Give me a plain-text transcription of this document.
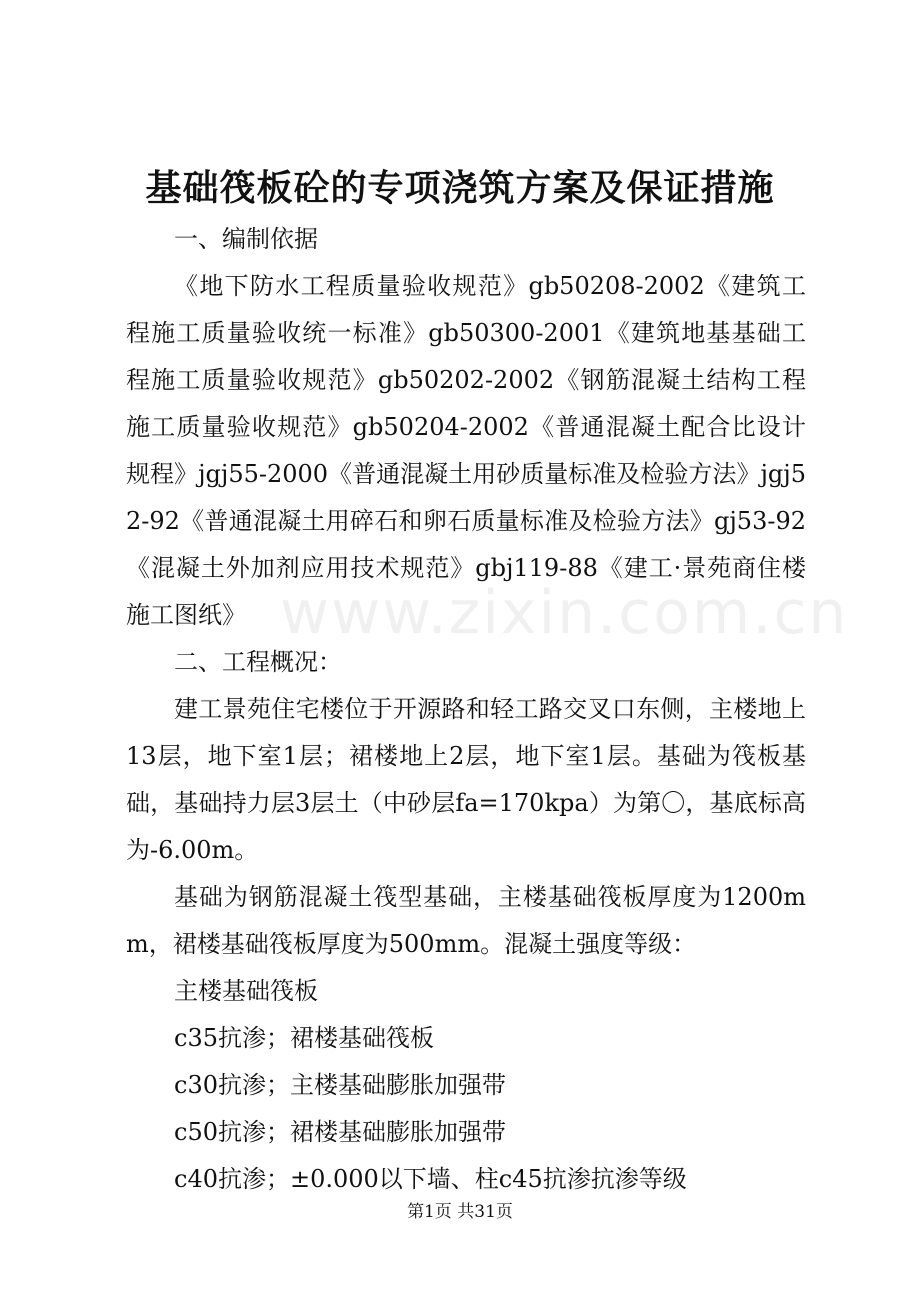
基础筏板砼的专项浇筑方案及保证措施

一、编制依据

《地下防水工程质量验收规范》gb50208-2002《建筑工程施工质量验收统一标准》gb50300-2001《建筑地基基础工程施工质量验收规范》gb50202-2002《钢筋混凝土结构工程施工质量验收规范》gb50204-2002《普通混凝土配合比设计规程》jgj55-2000《普通混凝土用砂质量标准及检验方法》jgj52-92《普通混凝土用碎石和卵石质量标准及检验方法》gj53-92《混凝土外加剂应用技术规范》gbj119-88《建工·景苑商住楼施工图纸》

二、工程概况：

建工景苑住宅楼位于开源路和轻工路交叉口东侧，主楼地上13层，地下室1层；裙楼地上2层，地下室1层。基础为筏板基础，基础持力层3层土（中砂层fa=170kpa）为第〇，基底标高为-6.00m。

基础为钢筋混凝土筏型基础，主楼基础筏板厚度为1200mm，裙楼基础筏板厚度为500mm。混凝土强度等级：

主楼基础筏板

c35抗渗；裙楼基础筏板

c30抗渗；主楼基础膨胀加强带

c50抗渗；裙楼基础膨胀加强带

c40抗渗；±0.000以下墙、柱c45抗渗抗渗等级

www.zixin.com.cn
第1页 共31页
